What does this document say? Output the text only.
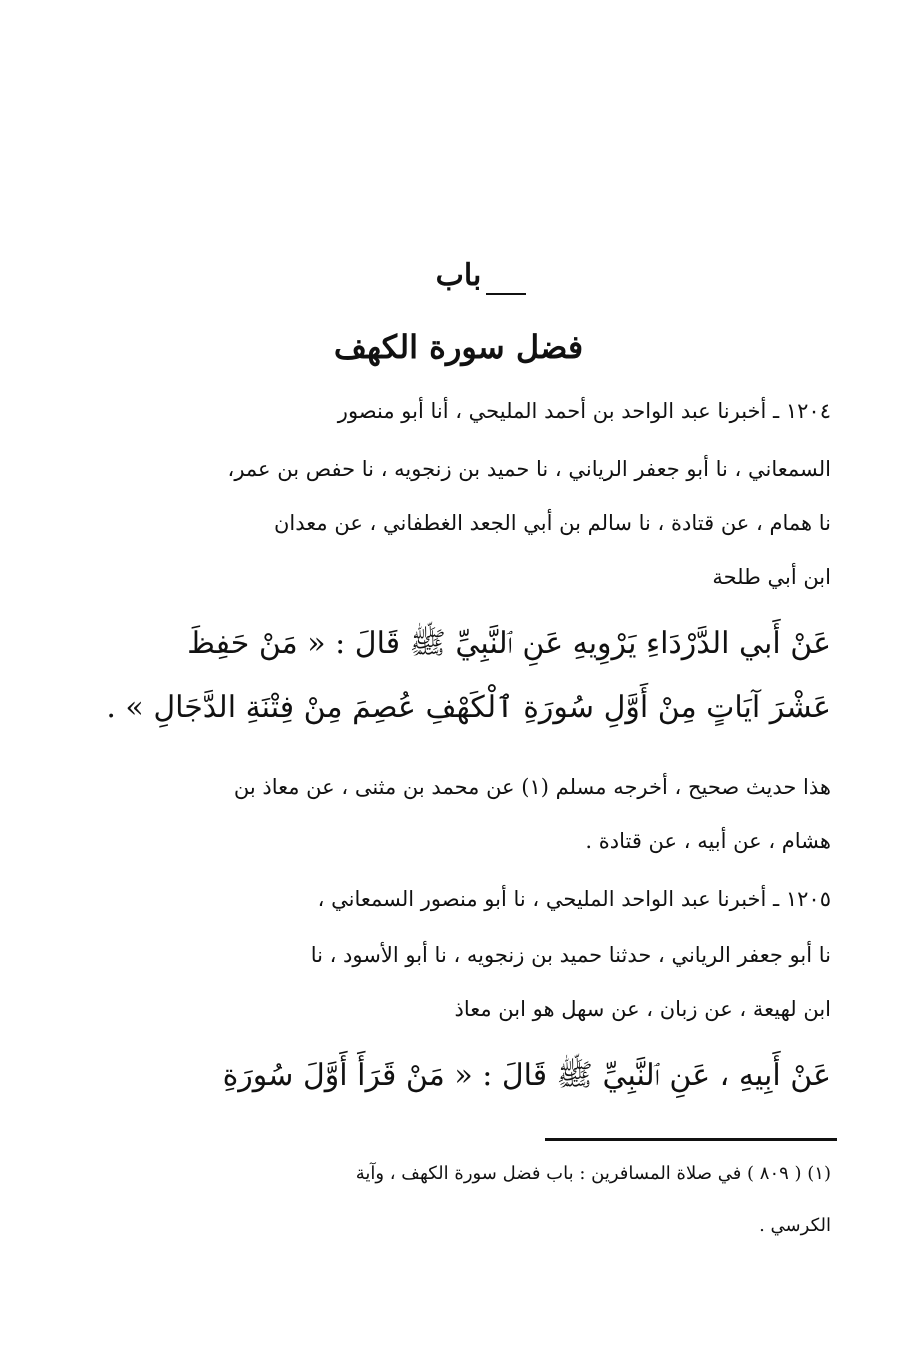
باب
فضل سورة الكهف
١٢٠٤ ـ أخبرنا عبد الواحد بن أحمد المليحي ، أنا أبو منصور
السمعاني ، نا أبو جعفر الرياني ، نا حميد بن زنجويه ، نا حفص بن عمر،
نا همام ، عن قتادة ، نا سالم بن أبي الجعد الغطفاني ، عن معدان
ابن أبي طلحة
عَنْ أَبي الدَّرْدَاءِ يَرْوِيهِ عَنِ ٱلنَّبِيِّ ﷺ قَالَ : « مَنْ حَفِظَ
عَشْرَ آيَاتٍ مِنْ أَوَّلِ سُورَةِ ٱلْكَهْفِ عُصِمَ مِنْ فِتْنَةِ الدَّجَالِ » .
هذا حديث صحيح ، أخرجه مسلم (١) عن محمد بن مثنى ، عن معاذ بن
هشام ، عن أبيه ، عن قتادة .
١٢٠٥ ـ أخبرنا عبد الواحد المليحي ، نا أبو منصور السمعاني ،
نا أبو جعفر الرياني ، حدثنا حميد بن زنجويه ، نا أبو الأسود ، نا
ابن لهيعة ، عن زبان ، عن سهل هو ابن معاذ
عَنْ أَبِيهِ ، عَنِ ٱلنَّبِيِّ ﷺ قَالَ : « مَنْ قَرَأَ أَوَّلَ سُورَةِ
(١) ( ٨٠٩ ) في صلاة المسافرين : باب فضل سورة الكهف ، وآية
الكرسي .
